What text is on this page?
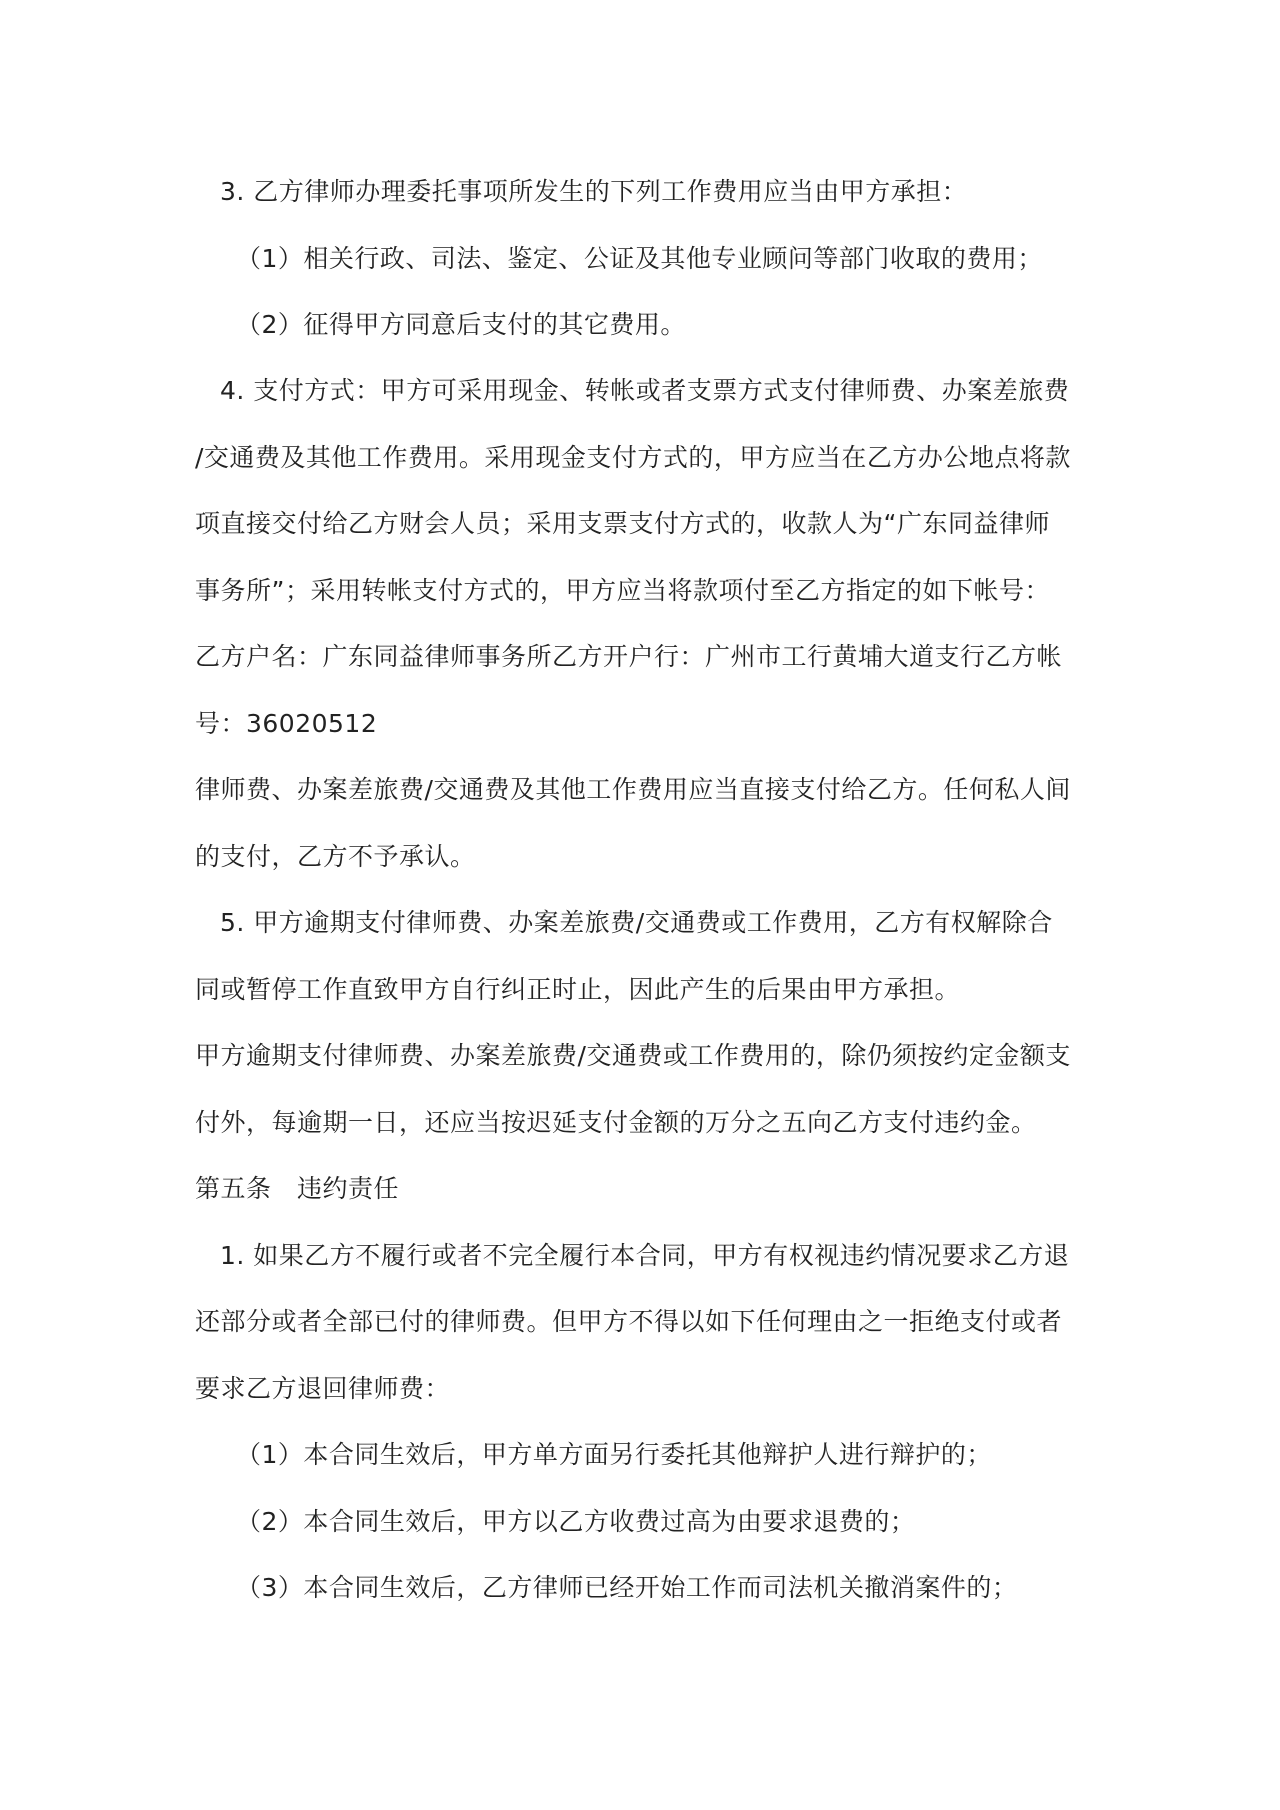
3. 乙方律师办理委托事项所发生的下列工作费用应当由甲方承担：
（1）相关行政、司法、鉴定、公证及其他专业顾问等部门收取的费用；
（2）征得甲方同意后支付的其它费用。
4. 支付方式：甲方可采用现金、转帐或者支票方式支付律师费、办案差旅费
/交通费及其他工作费用。采用现金支付方式的，甲方应当在乙方办公地点将款
项直接交付给乙方财会人员；采用支票支付方式的，收款人为“广东同益律师
事务所”；采用转帐支付方式的，甲方应当将款项付至乙方指定的如下帐号：
乙方户名：广东同益律师事务所乙方开户行：广州市工行黄埔大道支行乙方帐
号：36020512
律师费、办案差旅费/交通费及其他工作费用应当直接支付给乙方。任何私人间
的支付，乙方不予承认。
5. 甲方逾期支付律师费、办案差旅费/交通费或工作费用，乙方有权解除合
同或暂停工作直致甲方自行纠正时止，因此产生的后果由甲方承担。
甲方逾期支付律师费、办案差旅费/交通费或工作费用的，除仍须按约定金额支
付外，每逾期一日，还应当按迟延支付金额的万分之五向乙方支付违约金。
第五条　违约责任
1. 如果乙方不履行或者不完全履行本合同，甲方有权视违约情况要求乙方退
还部分或者全部已付的律师费。但甲方不得以如下任何理由之一拒绝支付或者
要求乙方退回律师费：
（1）本合同生效后，甲方单方面另行委托其他辩护人进行辩护的；
（2）本合同生效后，甲方以乙方收费过高为由要求退费的；
（3）本合同生效后，乙方律师已经开始工作而司法机关撤消案件的；
